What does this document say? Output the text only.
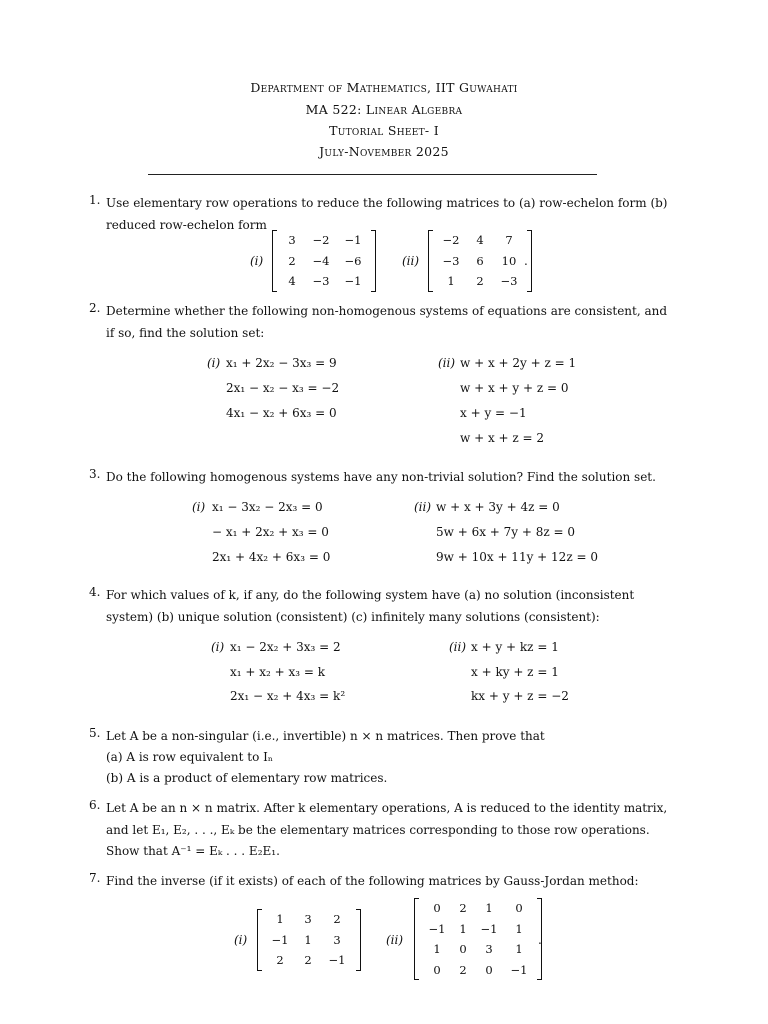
Department of Mathematics, IIT Guwahati
MA 522: Linear Algebra
Tutorial Sheet- I
July-November 2025
1. Use elementary row operations to reduce the following matrices to (a) row-echelon form (b) reduced row-echelon form
(i)
3 −2 −1
2 −4 −6
4 −3 −1
(ii)
−2 4	7
−3 6 10
1	2 −3
.
2. Determine whether the following non-homogenous systems of equations are consistent, and if so, find the solution set:
(i) x₁ + 2x₂ − 3x₃ = 9
2x₁ − x₂ − x₃ = −2
4x₁ − x₂ + 6x₃ = 0
(ii) w + x + 2y + z = 1
w + x + y + z = 0
x + y = −1
w + x + z = 2
3. Do the following homogenous systems have any non-trivial solution? Find the solution set.
(i) x₁ − 3x₂ − 2x₃ = 0
− x₁ + 2x₂ + x₃ = 0
2x₁ + 4x₂ + 6x₃ = 0
(ii) w + x + 3y + 4z = 0
5w + 6x + 7y + 8z = 0
9w + 10x + 11y + 12z = 0
4. For which values of k, if any, do the following system have (a) no solution (inconsistent system) (b) unique solution (consistent) (c) infinitely many solutions (consistent):
(i) x₁ − 2x₂ + 3x₃ = 2
x₁ + x₂ + x₃ = k
2x₁ − x₂ + 4x₃ = k²
(ii) x + y + kz = 1
x + ky + z = 1
kx + y + z = −2
5. Let A be a non-singular (i.e., invertible) n × n matrices. Then prove that
(a) A is row equivalent to Iₙ
(b) A is a product of elementary row matrices.
6. Let A be an n × n matrix. After k elementary operations, A is reduced to the identity matrix, and let E₁, E₂, . . ., Eₖ be the elementary matrices corresponding to those row operations. Show that A⁻¹ = Eₖ . . . E₂E₁.
7. Find the inverse (if it exists) of each of the following matrices by Gauss-Jordan method:
(i)
1	3	2
−1 1	3
2	2 −1
(ii)
0	2	1	0
−1 1 −1	1
1	0	3	1
0	2	0	−1
.
